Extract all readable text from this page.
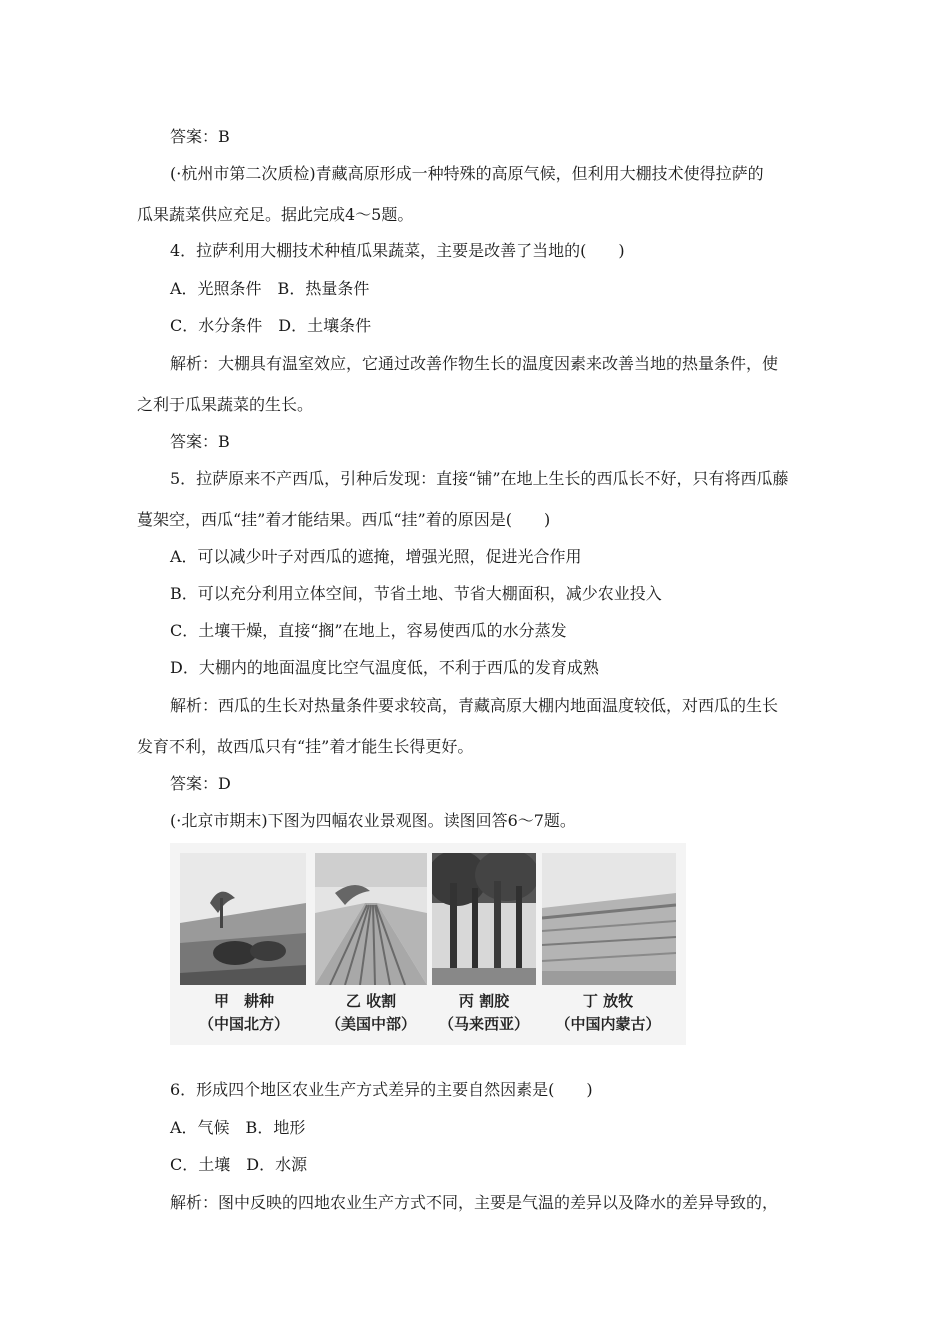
答案：B
(·杭州市第二次质检)青藏高原形成一种特殊的高原气候，但利用大棚技术使得拉萨的
瓜果蔬菜供应充足。据此完成4～5题。
4．拉萨利用大棚技术种植瓜果蔬菜，主要是改善了当地的(　　)
A．光照条件　B．热量条件
C．水分条件　D．土壤条件
解析：大棚具有温室效应，它通过改善作物生长的温度因素来改善当地的热量条件，使
之利于瓜果蔬菜的生长。
答案：B
5．拉萨原来不产西瓜，引种后发现：直接“铺”在地上生长的西瓜长不好，只有将西瓜藤
蔓架空，西瓜“挂”着才能结果。西瓜“挂”着的原因是(　　)
A．可以减少叶子对西瓜的遮掩，增强光照，促进光合作用
B．可以充分利用立体空间，节省土地、节省大棚面积，减少农业投入
C．土壤干燥，直接“搁”在地上，容易使西瓜的水分蒸发
D．大棚内的地面温度比空气温度低，不利于西瓜的发育成熟
解析：西瓜的生长对热量条件要求较高，青藏高原大棚内地面温度较低，对西瓜的生长
发育不利，故西瓜只有“挂”着才能生长得更好。
答案：D
(·北京市期末)下图为四幅农业景观图。读图回答6～7题。
甲　耕种
（中国北方）
乙 收割
（美国中部）
丙 割胶
（马来西亚）
丁 放牧
（中国内蒙古）
6．形成四个地区农业生产方式差异的主要自然因素是(　　)
A．气候　B．地形
C．土壤　D．水源
解析：图中反映的四地农业生产方式不同，主要是气温的差异以及降水的差异导致的，
